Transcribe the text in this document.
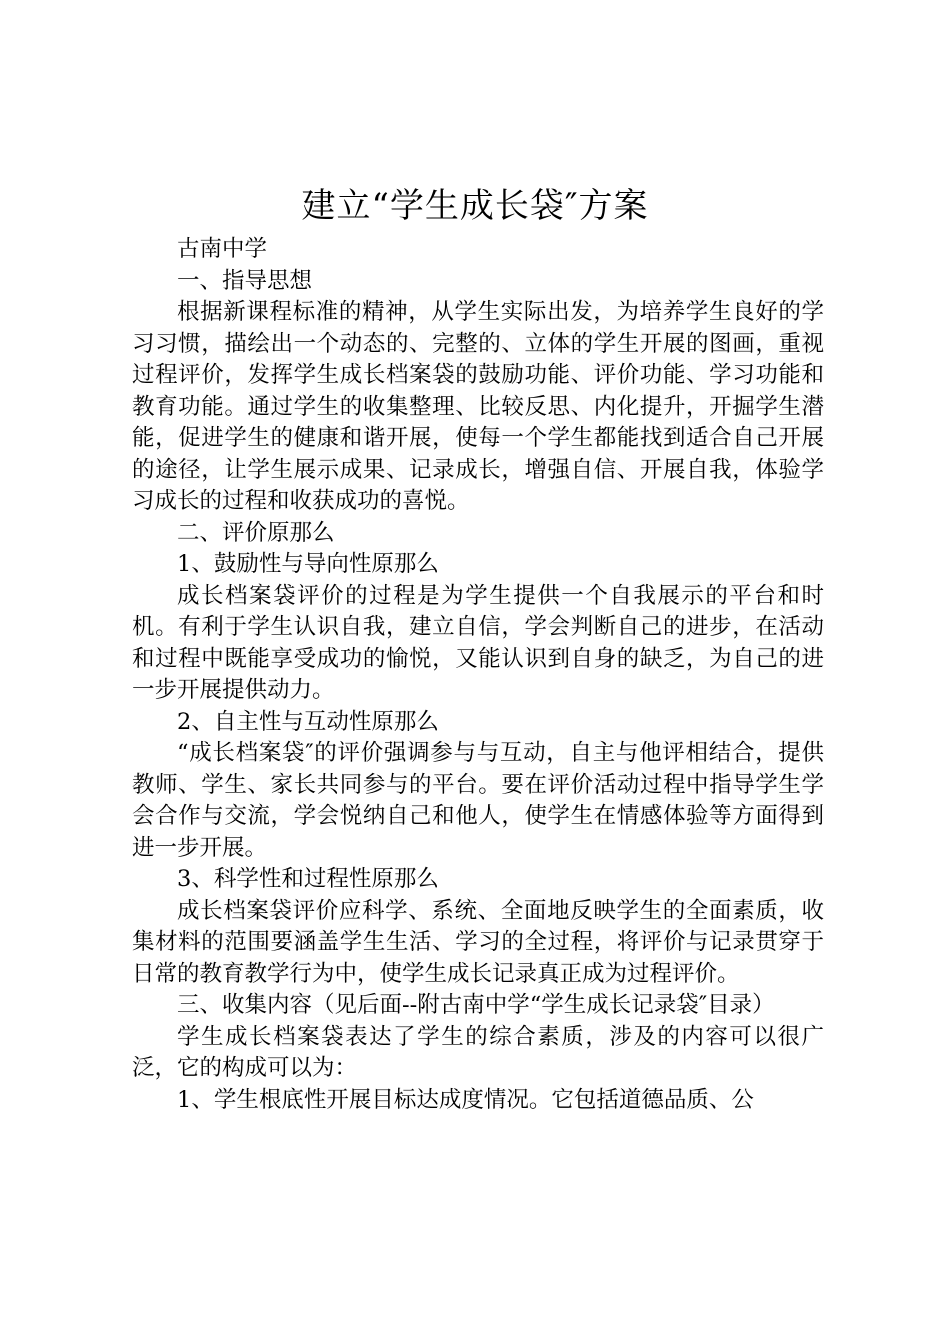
建立“学生成长袋″方案

古南中学

一、指导思想

根据新课程标准的精神，从学生实际出发，为培养学生良好的学习习惯，描绘出一个动态的、完整的、立体的学生开展的图画，重视过程评价，发挥学生成长档案袋的鼓励功能、评价功能、学习功能和教育功能。通过学生的收集整理、比较反思、内化提升，开掘学生潜能，促进学生的健康和谐开展，使每一个学生都能找到适合自己开展的途径，让学生展示成果、记录成长，增强自信、开展自我，体验学习成长的过程和收获成功的喜悦。

二、评价原那么

1、鼓励性与导向性原那么

成长档案袋评价的过程是为学生提供一个自我展示的平台和时机。有利于学生认识自我，建立自信，学会判断自己的进步，在活动和过程中既能享受成功的愉悦，又能认识到自身的缺乏，为自己的进一步开展提供动力。

2、自主性与互动性原那么

“成长档案袋″的评价强调参与与互动，自主与他评相结合，提供教师、学生、家长共同参与的平台。要在评价活动过程中指导学生学会合作与交流，学会悦纳自己和他人，使学生在情感体验等方面得到进一步开展。

3、科学性和过程性原那么

成长档案袋评价应科学、系统、全面地反映学生的全面素质，收集材料的范围要涵盖学生生活、学习的全过程，将评价与记录贯穿于日常的教育教学行为中，使学生成长记录真正成为过程评价。

三、收集内容（见后面--附古南中学“学生成长记录袋″目录）

学生成长档案袋表达了学生的综合素质，涉及的内容可以很广泛，它的构成可以为：

1、学生根底性开展目标达成度情况。它包括道德品质、公
